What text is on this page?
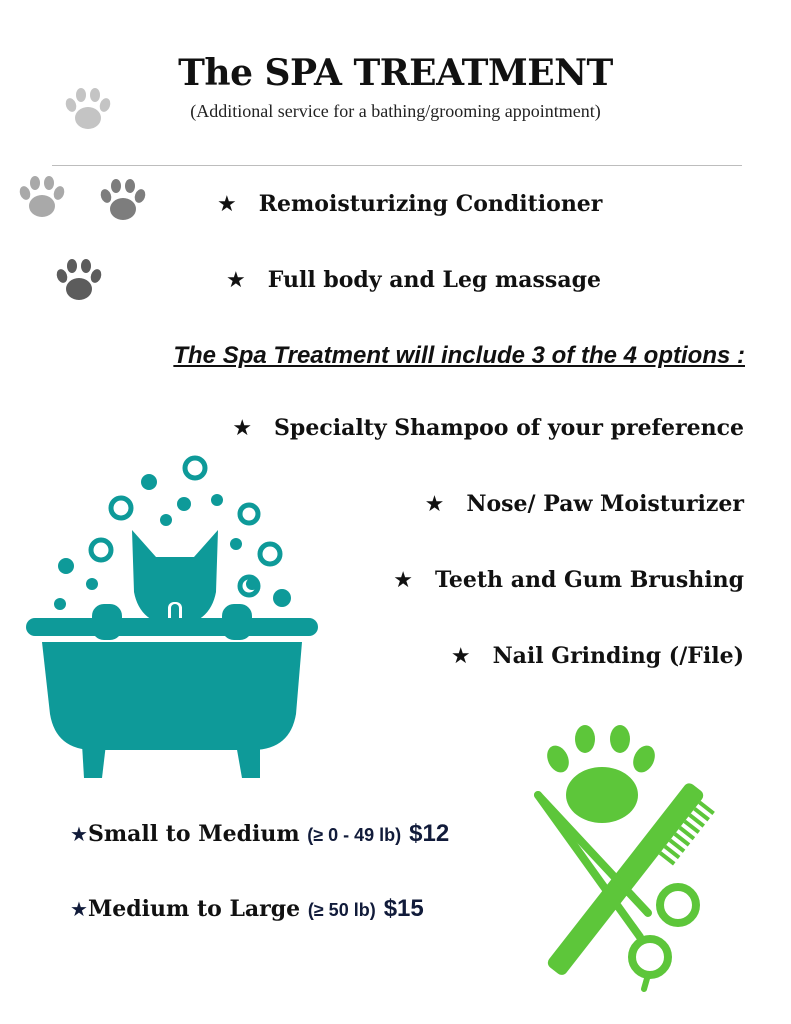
The SPA TREATMENT
(Additional service for a bathing/grooming appointment)
★ Remoisturizing Conditioner
★ Full body and Leg massage
The Spa Treatment will include 3 of the 4 options :
★ Specialty Shampoo of your preference
★ Nose/ Paw Moisturizer
★ Teeth and Gum Brushing
★ Nail Grinding (/File)
★Small to Medium (≥ 0 - 49 lb) $12
★Medium to Large (≥ 50 lb) $15
